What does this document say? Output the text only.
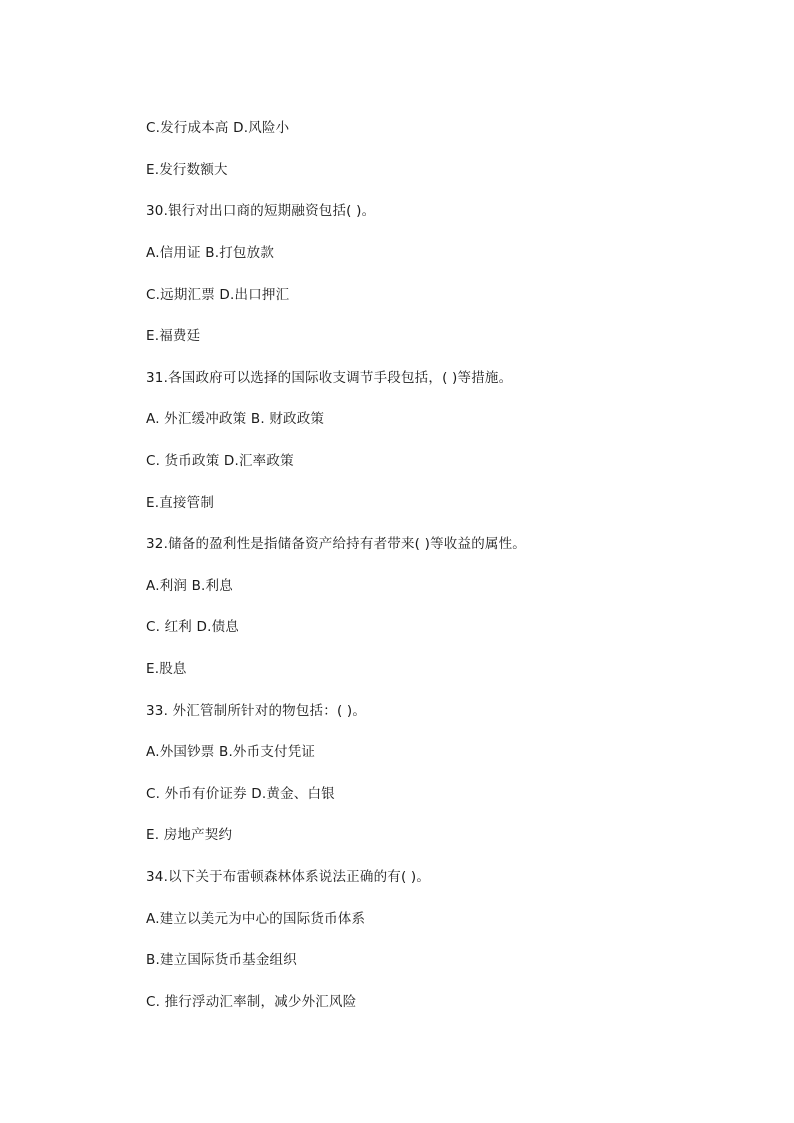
C.发行成本高 D.风险小
E.发行数额大
30.银行对出口商的短期融资包括( )。
A.信用证 B.打包放款
C.远期汇票 D.出口押汇
E.福费廷
31.各国政府可以选择的国际收支调节手段包括，( )等措施。
A. 外汇缓冲政策 B. 财政政策
C. 货币政策 D.汇率政策
E.直接管制
32.储备的盈利性是指储备资产给持有者带来( )等收益的属性。
A.利润 B.利息
C. 红利 D.债息
E.股息
33. 外汇管制所针对的物包括：( )。
A.外国钞票 B.外币支付凭证
C. 外币有价证券 D.黄金、白银
E. 房地产契约
34.以下关于布雷顿森林体系说法正确的有( )。
A.建立以美元为中心的国际货币体系
B.建立国际货币基金组织
C. 推行浮动汇率制，减少外汇风险
